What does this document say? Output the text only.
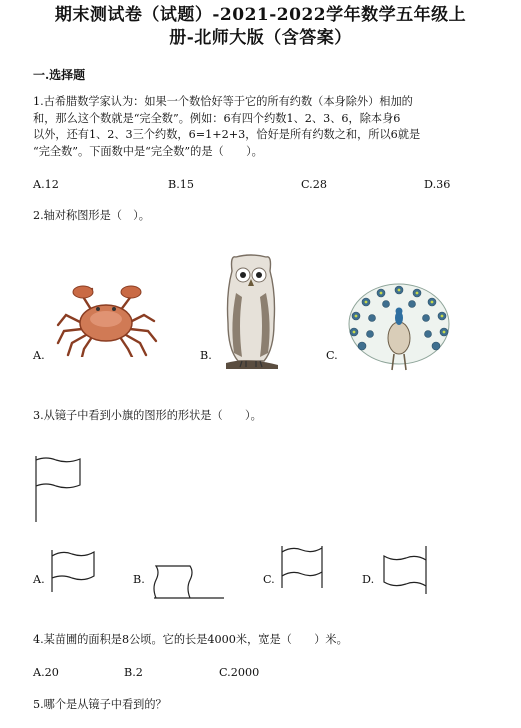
期末测试卷（试题）-2021-2022学年数学五年级上
册-北师大版（含答案）
一.选择题
1.古希腊数学家认为：如果一个数恰好等于它的所有约数（本身除外）相加的
和，那么这个数就是“完全数”。例如：6有四个约数1、2、3、6，除本身6
以外，还有1、2、3三个约数，6=1+2+3，恰好是所有约数之和，所以6就是
“完全数”。下面数中是“完全数”的是（　　）。
A.12	B.15	C.28	D.36
2.轴对称图形是（　）。
A.	B.	C.
3.从镜子中看到小旗的图形的形状是（　　）。
A.	B.	C.	D.
4.某苗圃的面积是8公顷。它的长是4000米，宽是（　　）米。
A.20	B.2	C.2000
5.哪个是从镜子中看到的？
